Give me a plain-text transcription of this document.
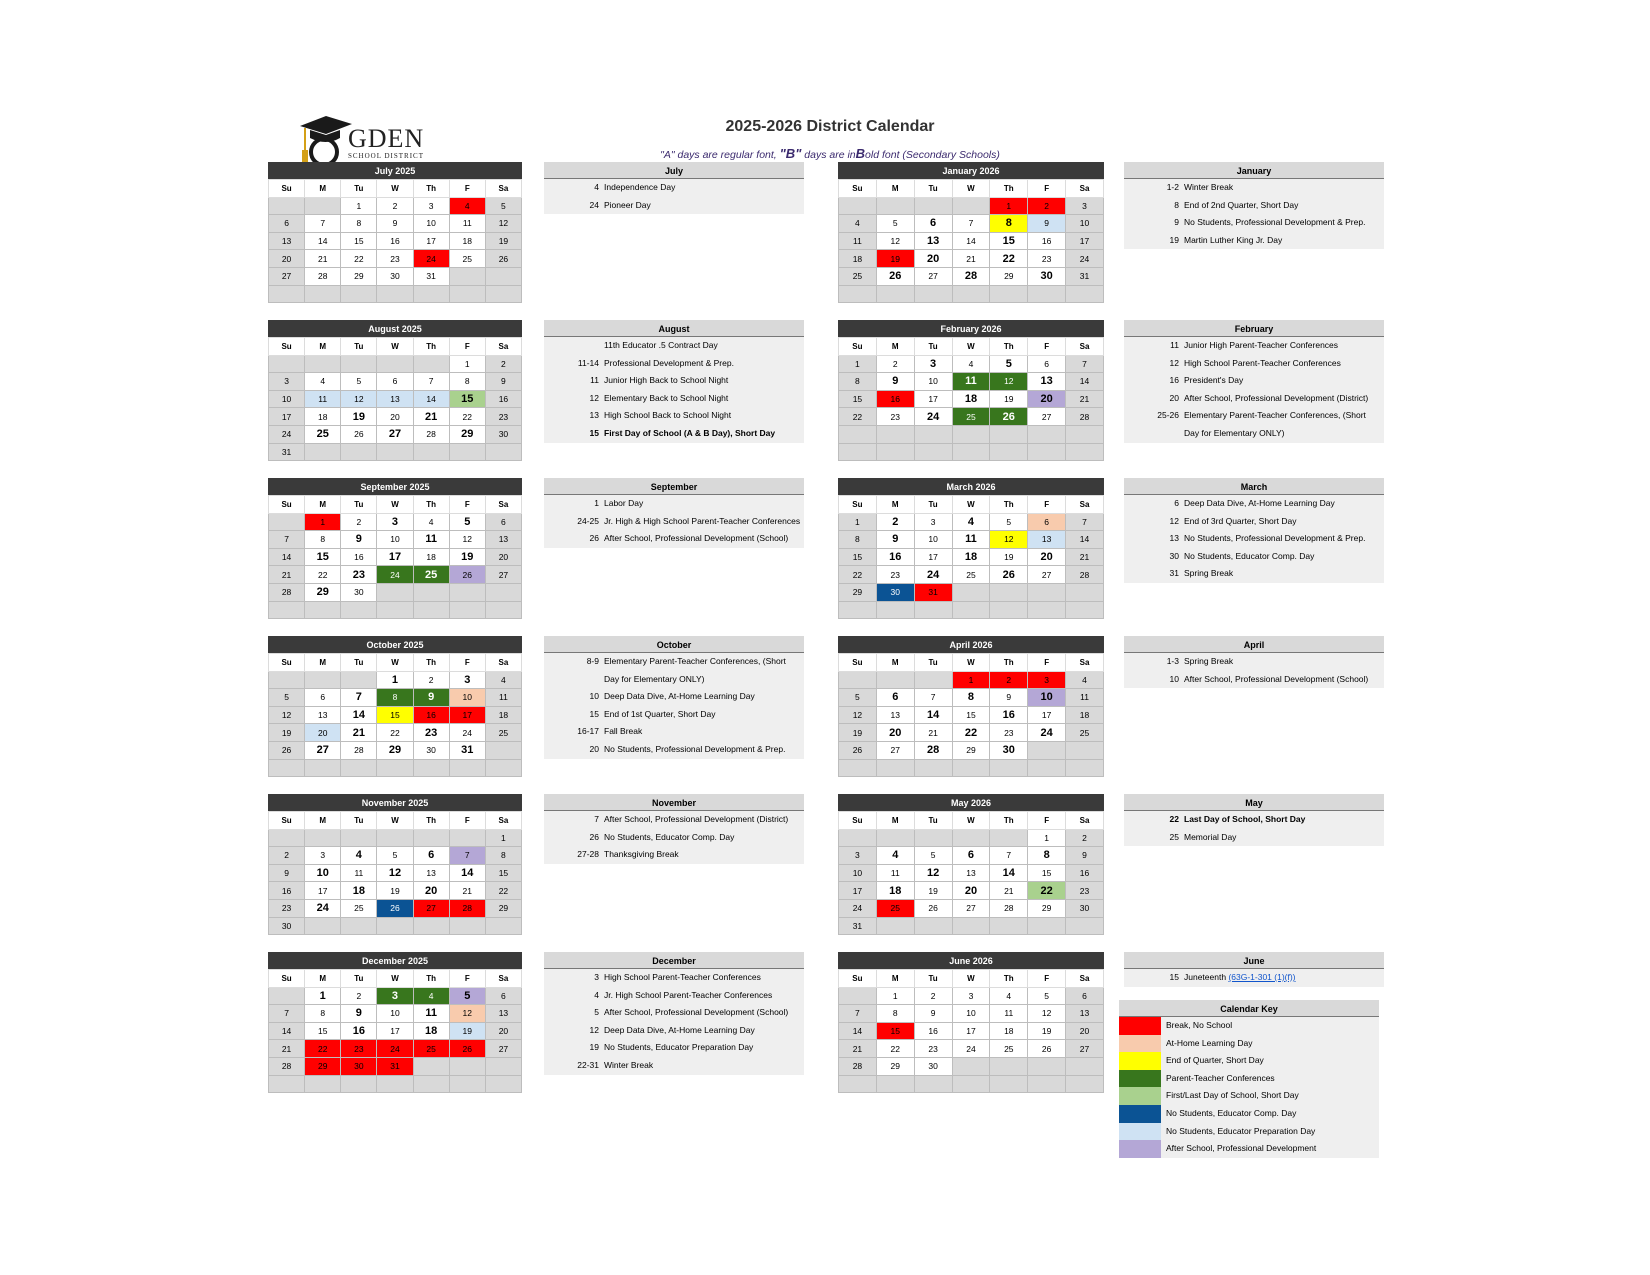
GDEN
SCHOOL DISTRICT
2025-2026 District Calendar
"A" days are regular font, "B" days are inBold font (Secondary Schools)
July 2025
Su	M	Tu	W	Th	F	Sa
		1	2	3	4	5
6	7	8	9	10	11	12
13	14	15	16	17	18	19
20	21	22	23	24	25	26
27	28	29	30	31		

August 2025
Su	M	Tu	W	Th	F	Sa
					1	2
3	4	5	6	7	8	9
10	11	12	13	14	15	16
17	18	19	20	21	22	23
24	25	26	27	28	29	30
31						
September 2025
Su	M	Tu	W	Th	F	Sa
	1	2	3	4	5	6
7	8	9	10	11	12	13
14	15	16	17	18	19	20
21	22	23	24	25	26	27
28	29	30				

October 2025
Su	M	Tu	W	Th	F	Sa
			1	2	3	4
5	6	7	8	9	10	11
12	13	14	15	16	17	18
19	20	21	22	23	24	25
26	27	28	29	30	31	

November 2025
Su	M	Tu	W	Th	F	Sa
						1
2	3	4	5	6	7	8
9	10	11	12	13	14	15
16	17	18	19	20	21	22
23	24	25	26	27	28	29
30						
December 2025
Su	M	Tu	W	Th	F	Sa
	1	2	3	4	5	6
7	8	9	10	11	12	13
14	15	16	17	18	19	20
21	22	23	24	25	26	27
28	29	30	31			

January 2026
Su	M	Tu	W	Th	F	Sa
				1	2	3
4	5	6	7	8	9	10
11	12	13	14	15	16	17
18	19	20	21	22	23	24
25	26	27	28	29	30	31

February 2026
Su	M	Tu	W	Th	F	Sa
1	2	3	4	5	6	7
8	9	10	11	12	13	14
15	16	17	18	19	20	21
22	23	24	25	26	27	28

March 2026
Su	M	Tu	W	Th	F	Sa
1	2	3	4	5	6	7
8	9	10	11	12	13	14
15	16	17	18	19	20	21
22	23	24	25	26	27	28
29	30	31				

April 2026
Su	M	Tu	W	Th	F	Sa
			1	2	3	4
5	6	7	8	9	10	11
12	13	14	15	16	17	18
19	20	21	22	23	24	25
26	27	28	29	30		

May 2026
Su	M	Tu	W	Th	F	Sa
					1	2
3	4	5	6	7	8	9
10	11	12	13	14	15	16
17	18	19	20	21	22	23
24	25	26	27	28	29	30
31						
June 2026
Su	M	Tu	W	Th	F	Sa
	1	2	3	4	5	6
7	8	9	10	11	12	13
14	15	16	17	18	19	20
21	22	23	24	25	26	27
28	29	30				

July
4 Independence Day
24 Pioneer Day
August
11th Educator .5 Contract Day
11-14 Professional Development & Prep.
11 Junior High Back to School Night
12 Elementary Back to School Night
13 High School Back to School Night
15 First Day of School (A & B Day), Short Day
September
1 Labor Day
24-25 Jr. High & High School Parent-Teacher Conferences
26 After School, Professional Development (School)
October
8-9 Elementary Parent-Teacher Conferences, (Short
Day for Elementary ONLY)
10 Deep Data Dive, At-Home Learning Day
15 End of 1st Quarter, Short Day
16-17 Fall Break
20 No Students, Professional Development & Prep.
November
7 After School, Professional Development (District)
26 No Students, Educator Comp. Day
27-28 Thanksgiving Break
December
3 High School Parent-Teacher Conferences
4 Jr. High School Parent-Teacher Conferences
5 After School, Professional Development (School)
12 Deep Data Dive, At-Home Learning Day
19 No Students, Educator Preparation Day
22-31 Winter Break
January
1-2 Winter Break
8 End of 2nd Quarter, Short Day
9 No Students, Professional Development & Prep.
19 Martin Luther King Jr. Day
February
11 Junior High Parent-Teacher Conferences
12 High School Parent-Teacher Conferences
16 President's Day
20 After School, Professional Development (District)
25-26 Elementary Parent-Teacher Conferences, (Short
Day for Elementary ONLY)
March
6 Deep Data Dive, At-Home Learning Day
12 End of 3rd Quarter, Short Day
13 No Students, Professional Development & Prep.
30 No Students, Educator Comp. Day
31 Spring Break
April
1-3 Spring Break
10 After School, Professional Development (School)
May
22 Last Day of School, Short Day
25 Memorial Day
June
15 Juneteenth (63G-1-301 (1)(f))
Calendar Key
Break, No School
At-Home Learning Day
End of Quarter, Short Day
Parent-Teacher Conferences
First/Last Day of School, Short Day
No Students, Educator Comp. Day
No Students, Educator Preparation Day
After School, Professional Development
